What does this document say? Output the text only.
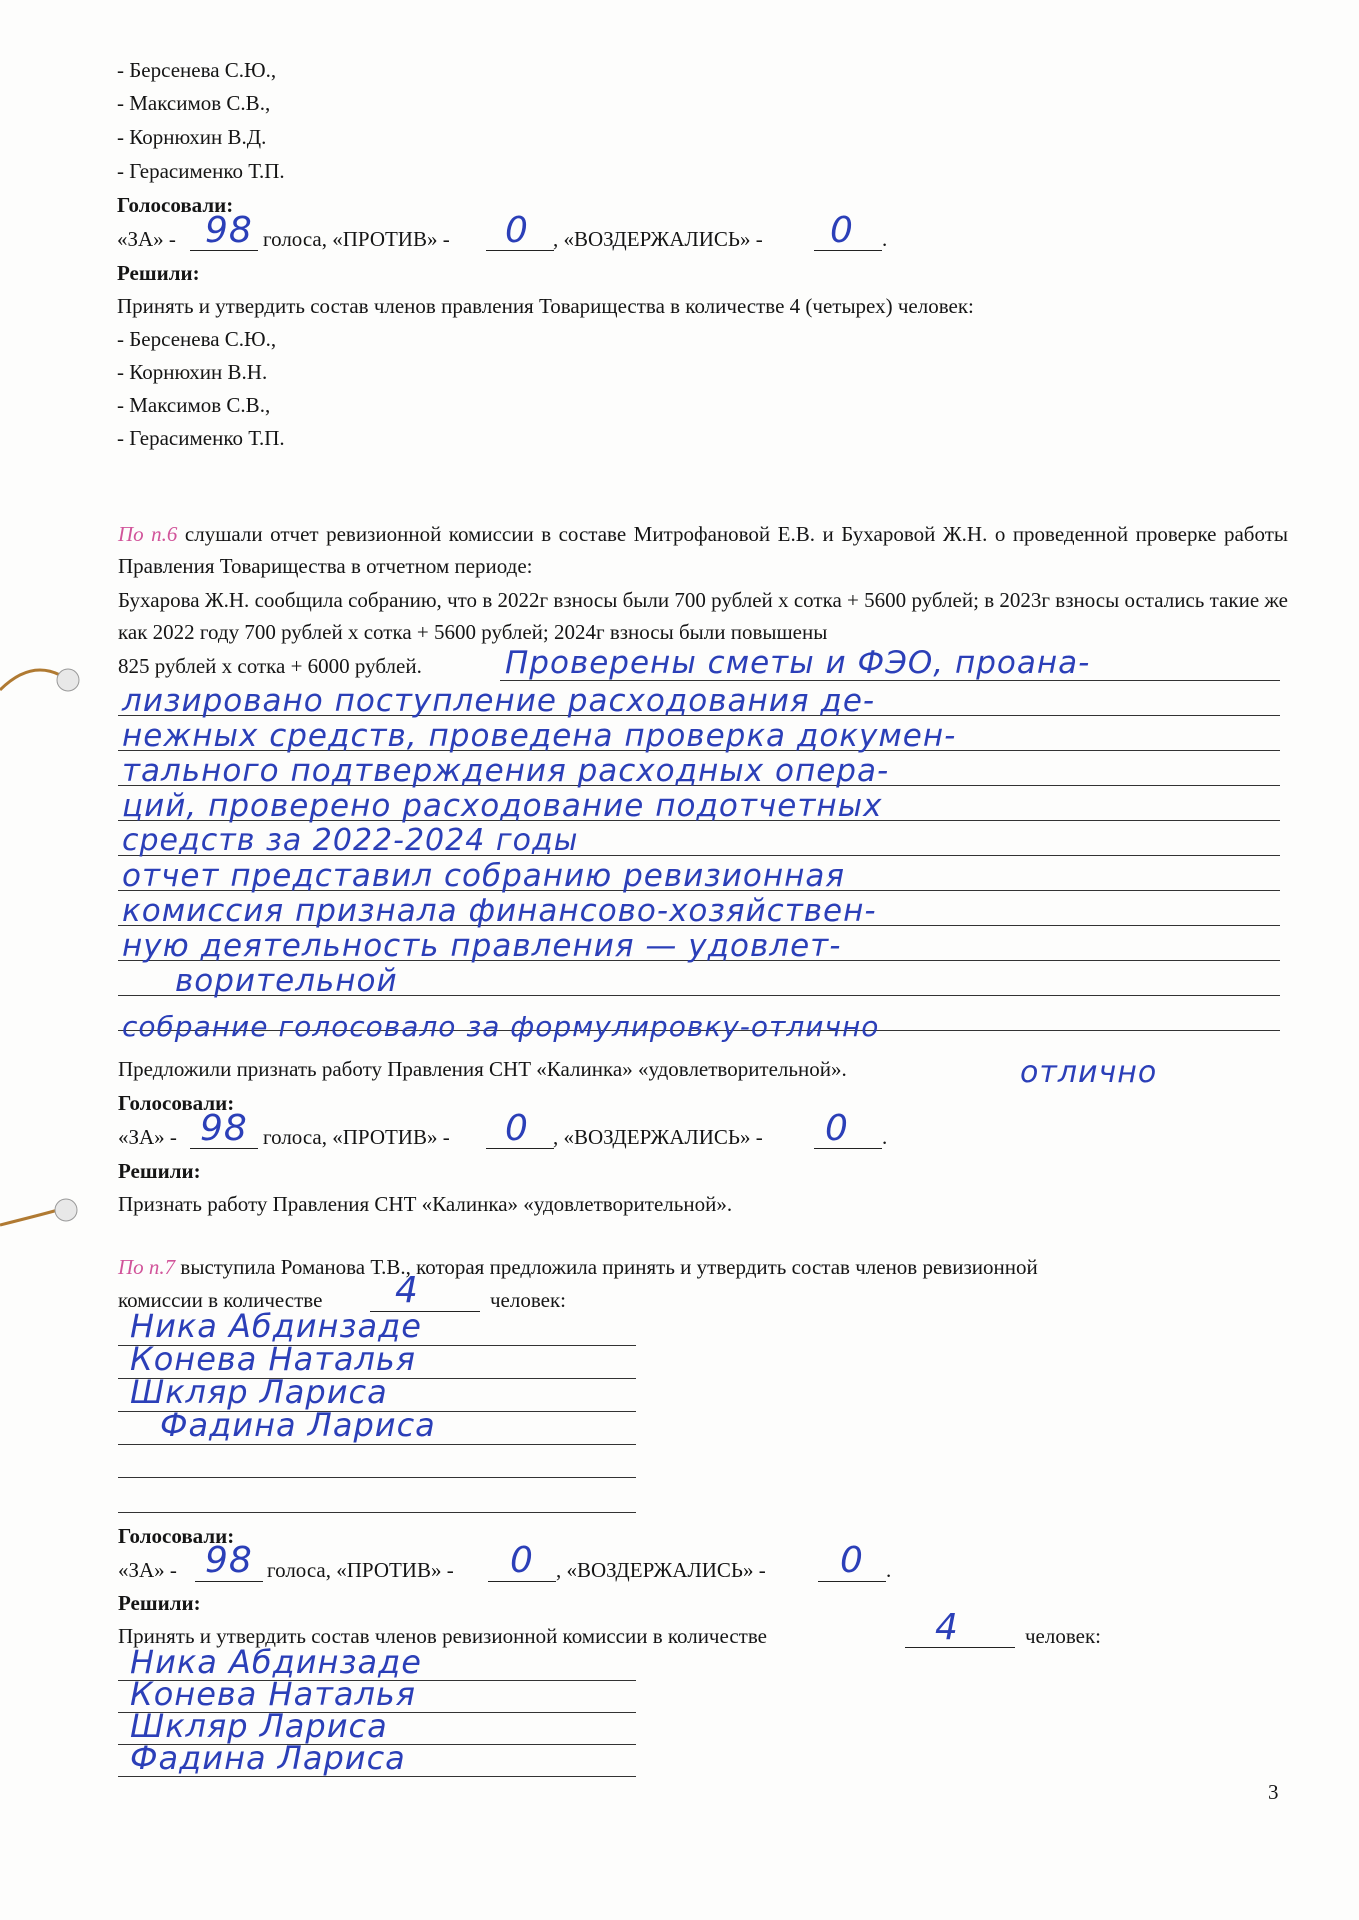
- Берсенева С.Ю.,
- Максимов С.В.,
- Корнюхин В.Д.
- Герасименко Т.П.
Голосовали:
«ЗА» - 98 голоса, «ПРОТИВ» - 0 , «ВОЗДЕРЖАЛИСЬ» - 0 .
Решили:
Принять и утвердить состав членов правления Товарищества в количестве 4 (четырех) человек:
- Берсенева С.Ю.,
- Корнюхин В.Н.
- Максимов С.В.,
- Герасименко Т.П.
По п.6 слушали отчет ревизионной комиссии в составе Митрофановой Е.В. и Бухаровой Ж.Н. о проведенной проверке работы Правления Товарищества в отчетном периоде:
Бухарова Ж.Н. сообщила собранию, что в 2022г взносы были 700 рублей х сотка + 5600 рублей; в 2023г взносы остались такие же как 2022 году 700 рублей х сотка + 5600 рублей; 2024г взносы были повышены
825 рублей х сотка + 6000 рублей.	Проверены сметы и ФЭО, проана-
лизировано поступление расходования де-
нежных средств, проведена проверка докумен-
тального подтверждения расходных опера-
ций, проверено расходование подотчетных
средств за 2022-2024 годы
отчет представил собранию ревизионная
комиссия признала финансово-хозяйствен-
ную деятельность правления — удовлет-
ворительной
собрание голосовало за формулировку-отлично
Предложили признать работу Правления СНТ «Калинка» «удовлетворительной».	отлично
Голосовали:
«ЗА» - 98 голоса, «ПРОТИВ» - 0 , «ВОЗДЕРЖАЛИСЬ» - 0 .
Решили:
Признать работу Правления СНТ «Калинка» «удовлетворительной».
По п.7 выступила Романова Т.В., которая предложила принять и утвердить состав членов ревизионной
комиссии в количестве 4	человек:
Ника Абдинзаде
Конева Наталья
Шкляр Лариса
Фадина Лариса
Голосовали:
«ЗА» - 98 голоса, «ПРОТИВ» - 0 , «ВОЗДЕРЖАЛИСЬ» - 0 .
Решили:
Принять и утвердить состав членов ревизионной комиссии в количестве	4	человек:
Ника Абдинзаде
Конева Наталья
Шкляр Лариса
Фадина Лариса
3
